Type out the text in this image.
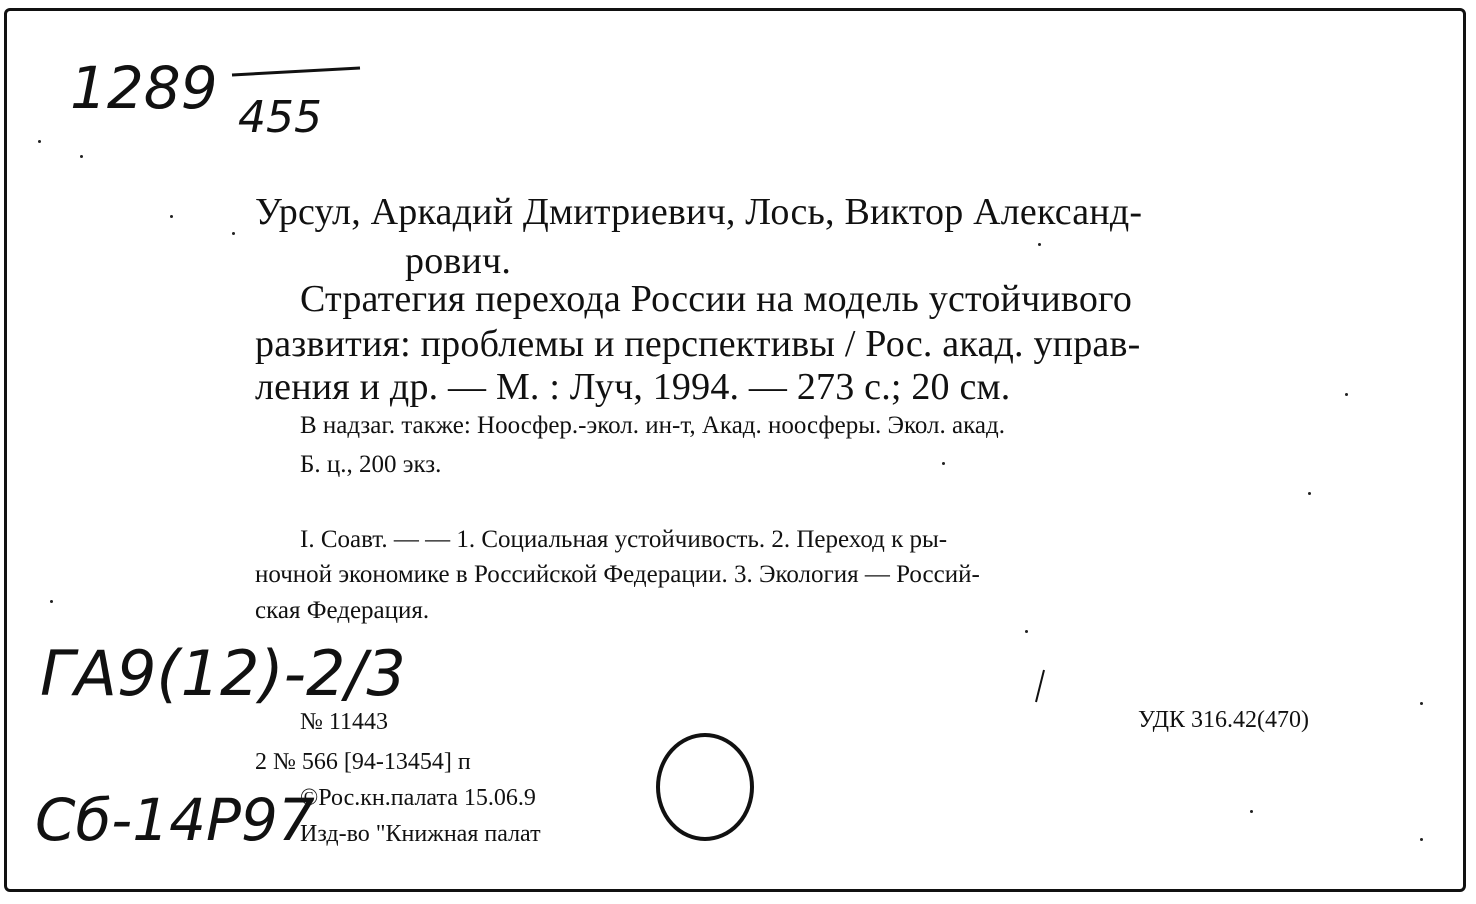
1289 455
Урсул, Аркадий Дмитриевич, Лось, Виктор Александ-
рович.
Стратегия перехода России на модель устойчивого
развития: проблемы и перспективы / Рос. акад. управ-
ления и др. — М. : Луч, 1994. — 273 с.; 20 см.
В надзаг. также: Ноосфер.-экол. ин-т, Акад. ноосферы. Экол. акад.
Б. ц., 200 экз.
I. Соавт. — — 1. Социальная устойчивость. 2. Переход к ры-
ночной экономике в Российской Федерации. 3. Экология — Россий-
ская Федерация.
ГА9(12)-2/3
№ 11443	УДК 316.42(470)
2 № 566 [94-13454] п
©Рос.кн.палата 15.06.9
Изд-во "Книжная палат
Сб-14Р97
